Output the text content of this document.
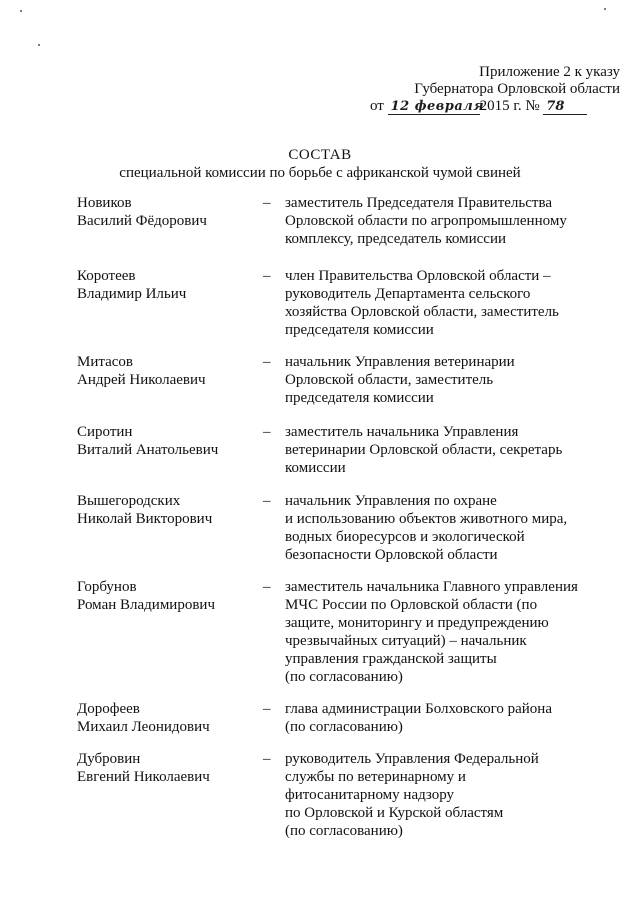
Приложение 2 к указу
Губернатора Орловской области
от 12 февраля2015 г. № 78
СОСТАВ
специальной комиссии по борьбе с африканской чумой свиней
Новиков
Василий Фёдорович
– заместитель Председателя Правительства
Орловской области по агропромышленному
комплексу, председатель комиссии
Коротеев
Владимир Ильич
– член Правительства Орловской области –
руководитель Департамента сельского
хозяйства Орловской области, заместитель
председателя комиссии
Митасов
Андрей Николаевич
– начальник Управления ветеринарии
Орловской области, заместитель
председателя комиссии
Сиротин
Виталий Анатольевич
– заместитель начальника Управления
ветеринарии Орловской области, секретарь
комиссии
Вышегородских
Николай Викторович
– начальник Управления по охране
и использованию объектов животного мира,
водных биоресурсов и экологической
безопасности Орловской области
Горбунов
Роман Владимирович
– заместитель начальника Главного управления
МЧС России по Орловской области (по
защите, мониторингу и предупреждению
чрезвычайных ситуаций) – начальник
управления гражданской защиты
(по согласованию)
Дорофеев
Михаил Леонидович
– глава администрации Болховского района
(по согласованию)
Дубровин
Евгений Николаевич
– руководитель Управления Федеральной
службы по ветеринарному и
фитосанитарному надзору
по Орловской и Курской областям
(по согласованию)
